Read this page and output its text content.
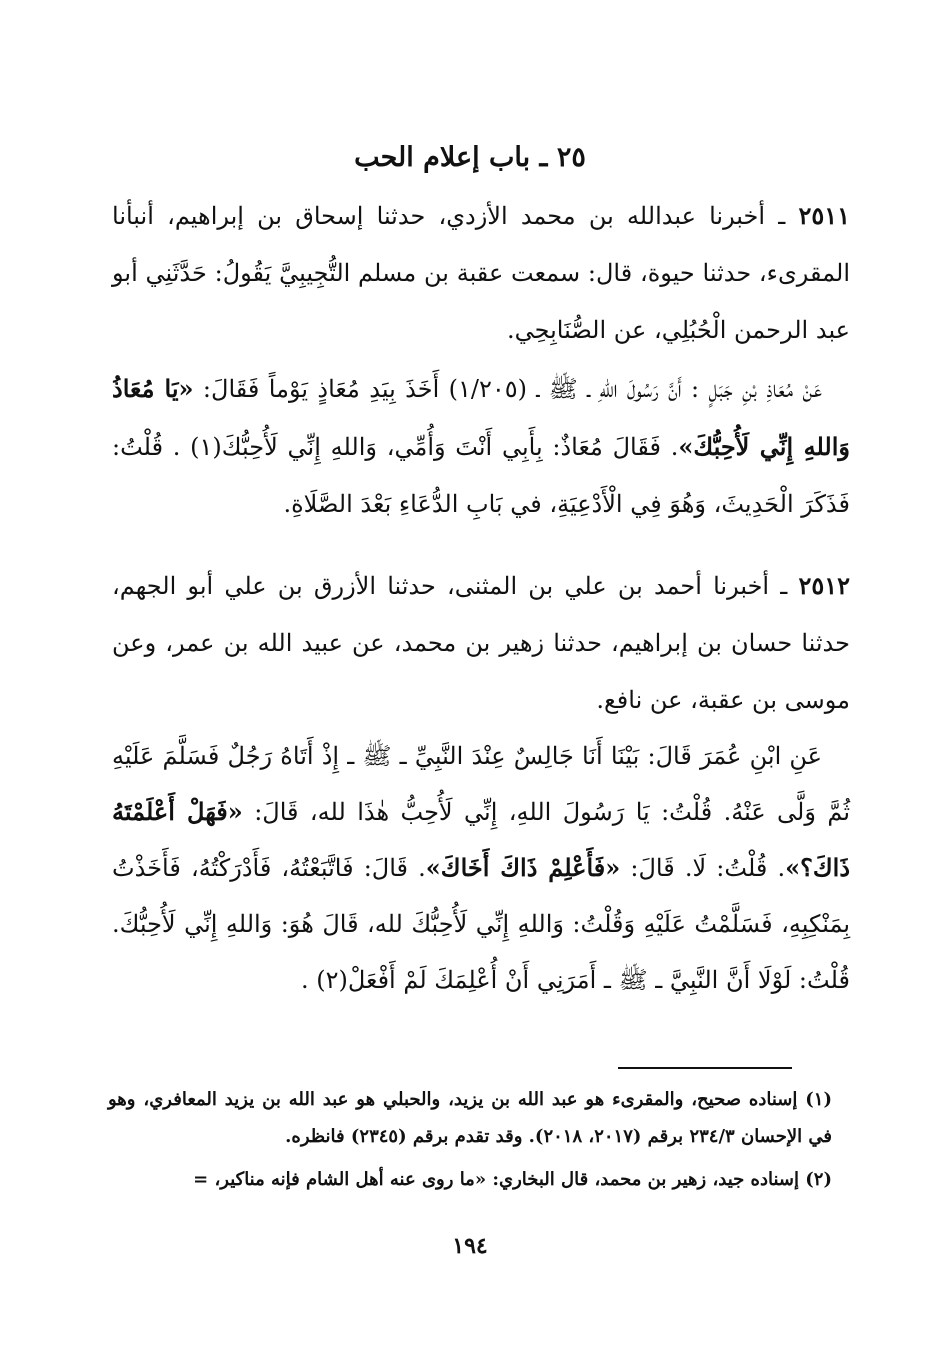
٢٥ ـ باب إعلام الحب

٢٥١١ ـ أخبرنا عبدالله بن محمد الأزدي، حدثنا إسحاق بن إبراهيم، أنبأنا المقرىء، حدثنا حيوة، قال: سمعت عقبة بن مسلم التُّجِيبِيَّ يَقُولُ: حَدَّثَنِي أبو عبد الرحمن الْحُبُلِي، عن الصُّنَابِحِي.

عَنْ مُعَاذِ بْنِ جَبَلٍ : أَنَّ رَسُولَ اللهِ ـ ﷺ ـ (١/٢٠٥) أَخَذَ بِيَدِ مُعَاذٍ يَوْماً فَقَالَ: «يَا مُعَاذُ وَاللهِ إِنِّي لَأُحِبُّكَ». فَقَالَ مُعَاذٌ: بِأَبِي أَنْتَ وَأُمِّي، وَاللهِ إِنِّي لَأُحِبُّكَ(١) . قُلْتُ: فَذَكَرَ الْحَدِيثَ، وَهُوَ فِي الْأَدْعِيَةِ، في بَابِ الدُّعَاءِ بَعْدَ الصَّلَاةِ.

٢٥١٢ ـ أخبرنا أحمد بن علي بن المثنى، حدثنا الأزرق بن علي أبو الجهم، حدثنا حسان بن إبراهيم، حدثنا زهير بن محمد، عن عبيد الله بن عمر، وعن موسى بن عقبة، عن نافع.

عَنِ ابْنِ عُمَرَ قَالَ: بَيْنَا أَنَا جَالِسٌ عِنْدَ النَّبِيِّ ـ ﷺ ـ إِذْ أَتَاهُ رَجُلٌ فَسَلَّمَ عَلَيْهِ ثُمَّ وَلَّى عَنْهُ. قُلْتُ: يَا رَسُولَ اللهِ، إِنِّي لَأُحِبُّ هٰذَا لله، قَالَ: «فَهَلْ أَعْلَمْتَهُ ذَاكَ؟». قُلْتُ: لَا. قَالَ: «فَأَعْلِمْ ذَاكَ أَخَاكَ». قَالَ: فَاتَّبَعْتُهُ، فَأَدْرَكْتُهُ، فَأَخَذْتُ بِمَنْكِبِهِ، فَسَلَّمْتُ عَلَيْهِ وَقُلْتُ: وَاللهِ إِنِّي لَأُحِبُّكَ لله، قَالَ هُوَ: وَاللهِ إِنِّي لَأُحِبُّكَ. قُلْتُ: لَوْلَا أَنَّ النَّبِيَّ ـ ﷺ ـ أَمَرَنِي أَنْ أُعْلِمَكَ لَمْ أَفْعَلْ(٢) .

(١) إسناده صحيح، والمقرىء هو عبد الله بن يزيد، والحبلي هو عبد الله بن يزيد المعافري، وهو في الإحسان ٢٣٤/٣ برقم (٢٠١٧، ٢٠١٨). وقد تقدم برقم (٢٣٤٥) فانظره.

(٢) إسناده جيد، زهير بن محمد، قال البخاري: «ما روى عنه أهل الشام فإنه مناكير، =

١٩٤
